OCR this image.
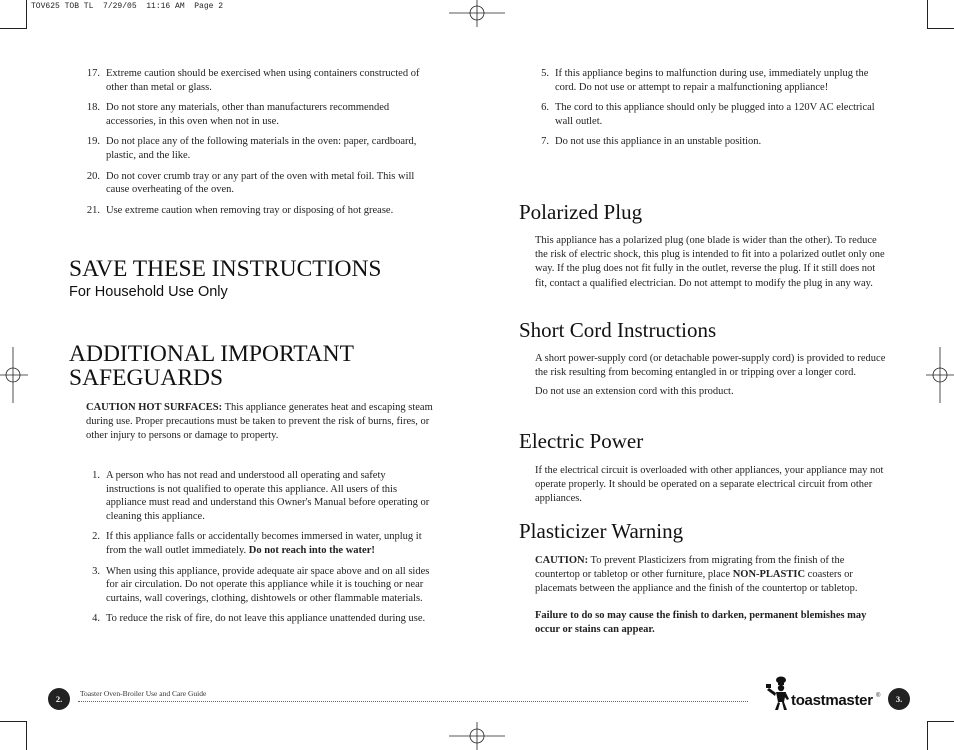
TOV625 TOB TL  7/29/05  11:16 AM  Page 2
17. Extreme caution should be exercised when using containers constructed of other than metal or glass.
18. Do not store any materials, other than manufacturers recommended accessories, in this oven when not in use.
19. Do not place any of the following materials in the oven: paper, cardboard, plastic, and the like.
20. Do not cover crumb tray or any part of the oven with metal foil. This will cause overheating of the oven.
21. Use extreme caution when removing tray or disposing of hot grease.
SAVE THESE INSTRUCTIONS
For Household Use Only
ADDITIONAL IMPORTANT
SAFEGUARDS
CAUTION HOT SURFACES: This appliance generates heat and escaping steam during use. Proper precautions must be taken to prevent the risk of burns, fires, or other injury to persons or damage to property.
1. A person who has not read and understood all operating and safety instructions is not qualified to operate this appliance. All users of this appliance must read and understand this Owner's Manual before operating or cleaning this appliance.
2. If this appliance falls or accidentally becomes immersed in water, unplug it from the wall outlet immediately. Do not reach into the water!
3. When using this appliance, provide adequate air space above and on all sides for air circulation. Do not operate this appliance while it is touching or near curtains, wall coverings, clothing, dishtowels or other flammable materials.
4. To reduce the risk of fire, do not leave this appliance unattended during use.
5. If this appliance begins to malfunction during use, immediately unplug the cord. Do not use or attempt to repair a malfunctioning appliance!
6. The cord to this appliance should only be plugged into a 120V AC electrical wall outlet.
7. Do not use this appliance in an unstable position.
Polarized Plug
This appliance has a polarized plug (one blade is wider than the other). To reduce the risk of electric shock, this plug is intended to fit into a polarized outlet only one way. If the plug does not fit fully in the outlet, reverse the plug. If it still does not fit, contact a qualified electrician. Do not attempt to modify the plug in any way.
Short Cord Instructions

A short power-supply cord (or detachable power-supply cord) is provided to reduce the risk resulting from becoming entangled in or tripping over a longer cord.

Do not use an extension cord with this product.

Electric Power
If the electrical circuit is overloaded with other appliances, your appliance may not operate properly. It should be operated on a separate electrical circuit from other appliances.
Plasticizer Warning

CAUTION: To prevent Plasticizers from migrating from the finish of the countertop or tabletop or other furniture, place NON-PLASTIC coasters or placemats between the appliance and the finish of the countertop or tabletop.

Failure to do so may cause the finish to darken, permanent blemishes may occur or stains can appear.

2.
Toaster Oven-Broiler Use and Care Guide	toastmaster ®	3.
